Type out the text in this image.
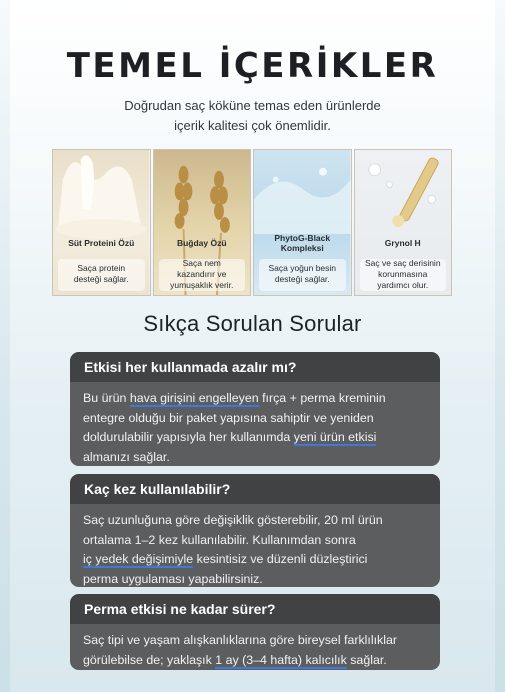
TEMEL İÇERİKLER
Doğrudan saç köküne temas eden ürünlerde
içerik kalitesi çok önemlidir.
Süt Proteini Özü
Saça protein
desteği sağlar.
Buğday Özü
Saça nem
kazandırır ve
yumuşaklık verir.
PhytoG-Black
Kompleksi
Saça yoğun besin
desteği sağlar.
Grynol H
Saç ve saç derisinin
korunmasına
yardımcı olur.
Sıkça Sorulan Sorular
Etkisi her kullanmada azalır mı?
Bu ürün hava girişini engelleyen fırça + perma kreminin
entegre olduğu bir paket yapısına sahiptir ve yeniden
doldurulabilir yapısıyla her kullanımda yeni ürün etkisi
almanızı sağlar.
Kaç kez kullanılabilir?
Saç uzunluğuna göre değişiklik gösterebilir, 20 ml ürün
ortalama 1–2 kez kullanılabilir. Kullanımdan sonra
iç yedek değişimiyle kesintisiz ve düzenli düzleştirici
perma uygulaması yapabilirsiniz.
Perma etkisi ne kadar sürer?
Saç tipi ve yaşam alışkanlıklarına göre bireysel farklılıklar
görülebilse de; yaklaşık 1 ay (3–4 hafta) kalıcılık sağlar.
